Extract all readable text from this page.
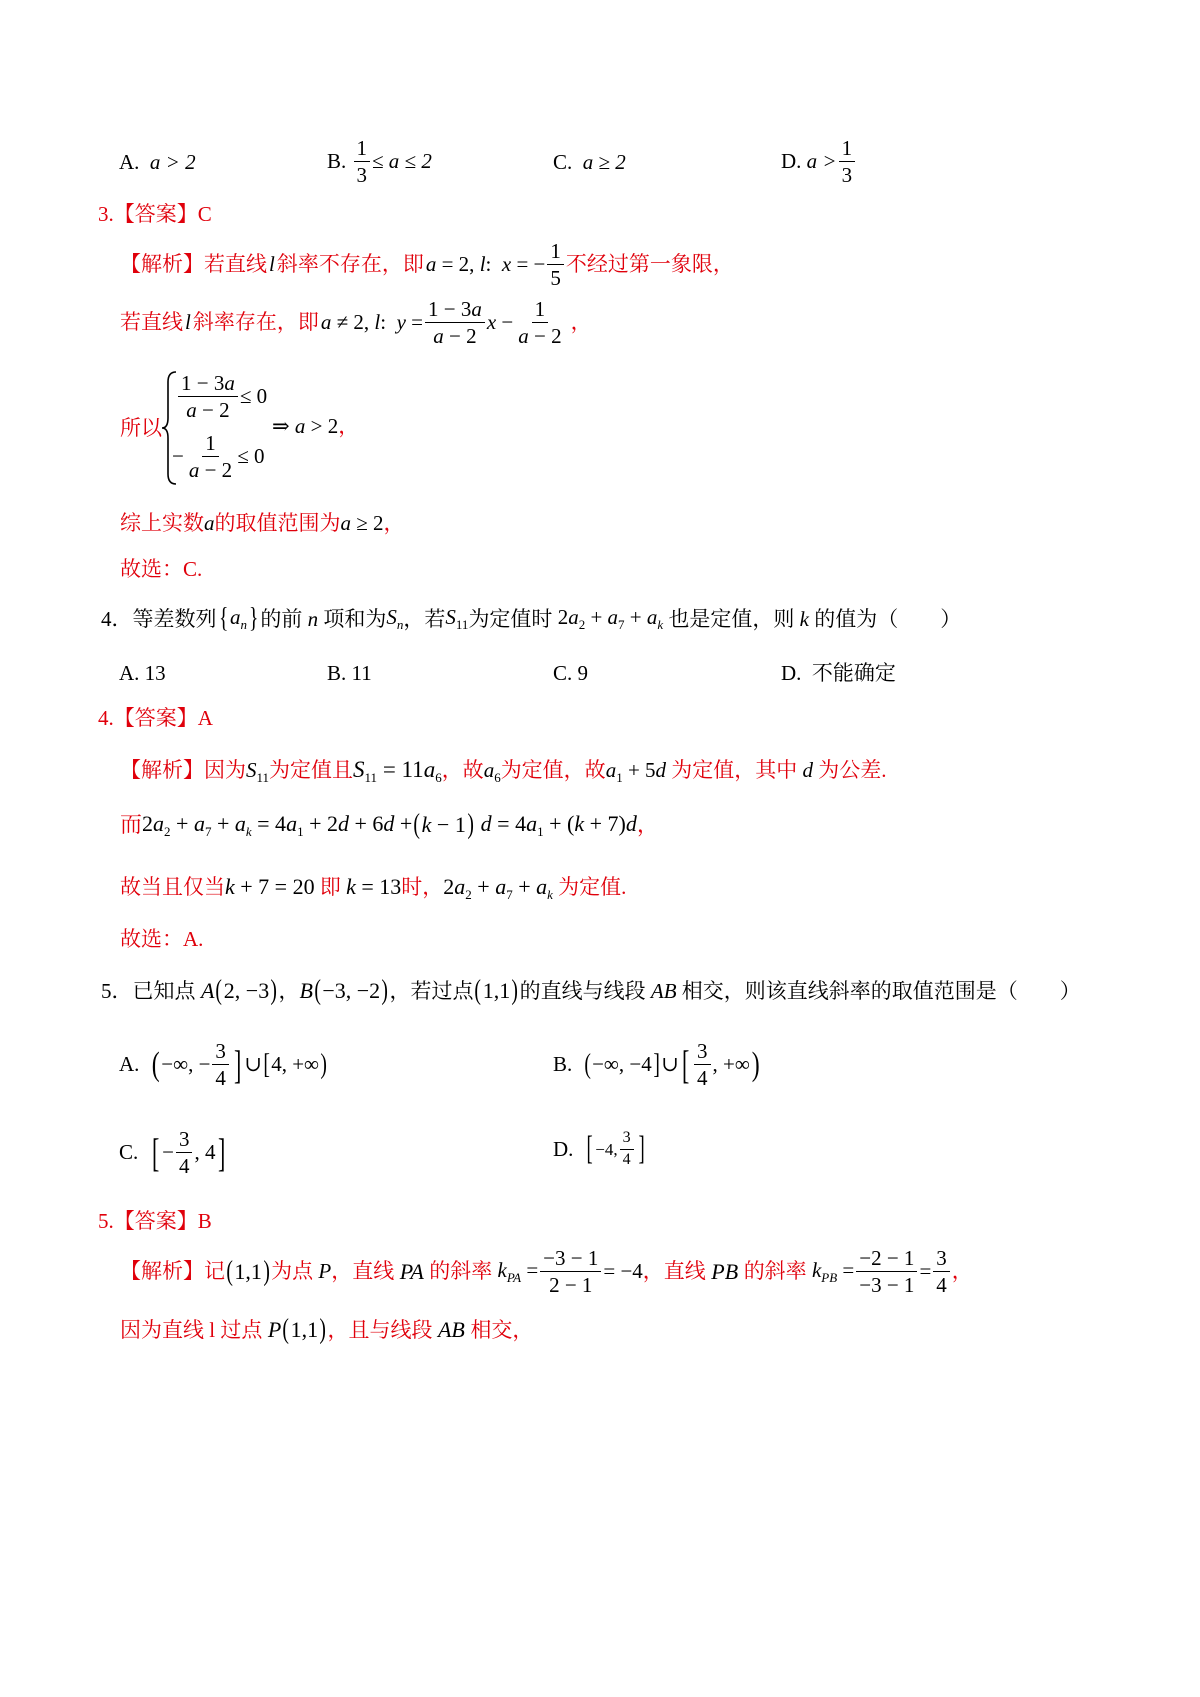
A. a > 2	B.
$\frac{1}{3} \le a \le 2$	C. a ≥ 2	D.
$a > \frac{1}{3}$
3.【答案】C
【解析】 若直线 l 斜率不存在，即 a = 2, l:  x = − $\frac{1}{5}$ 不经过第一象限，
若直线 l 斜率存在，即 a ≠ 2, l:  $y = \frac{1 - 3a}{a - 2}$ $x - \frac{1}{a - 2}$ ，
所以
$\frac{1 - 3a}{a - 2} \le 0$
− $\frac{1}{a - 2} \le 0$
⇒ a > 2，
综上实数a的取值范围为a ≥ 2，
故选：C.
4． 等差数列 { $a_n$ } 的前 n 项和为 $S_n$ ，若 $S_{11}$ 为定值时 $2a_2 + a_7 + a_k$ 也是定值，则 k 的值为（　　）
A. 13	B. 11	C. 9	D. 不能确定
4.【答案】A
【解析】因为$S_{11}$为定值且$S_{11} = 11a_6$，故$a_6$为定值，故$a_1 + 5d$ 为定值，其中 d 为公差.
而 $2a_2 + a_7 + a_k = 4a_1 + 2d + 6d$ + ( k − 1 ) $d = 4a_1 + (k + 7)d$ ，
故当且仅当k + 7 = 20 即 k = 13时，$2a_2 + a_7 + a_k$ 为定值.
故选：A.
5． 已知点 A ( 2, −3 ) ， B ( −3, −2 ) ，若过点 ( 1,1 ) 的直线与线段 AB 相交，则该直线斜率的取值范围是（　　）
A.
( −∞, − $\frac{3}{4}$ ] ∪ [ 4, +∞ )	B.
( −∞, −4 ] ∪ [ $\frac{3}{4}$ , +∞ )
C.
[ − $\frac{3}{4}$ , 4 ]	D.
[ −4, $\frac{3}{4}$ ]
5.【答案】B
【解析】 记 ( 1,1 ) 为点 P ，直线 PA 的斜率 $k_{PA} = \frac{-3 - 1}{2 - 1} = -4$ ，直线 PB 的斜率 $k_{PB} = \frac{-2 - 1}{-3 - 1} = \frac{3}{4}$ ，
因为直线 l 过点 P ( 1,1 ) ，且与线段 AB 相交，
